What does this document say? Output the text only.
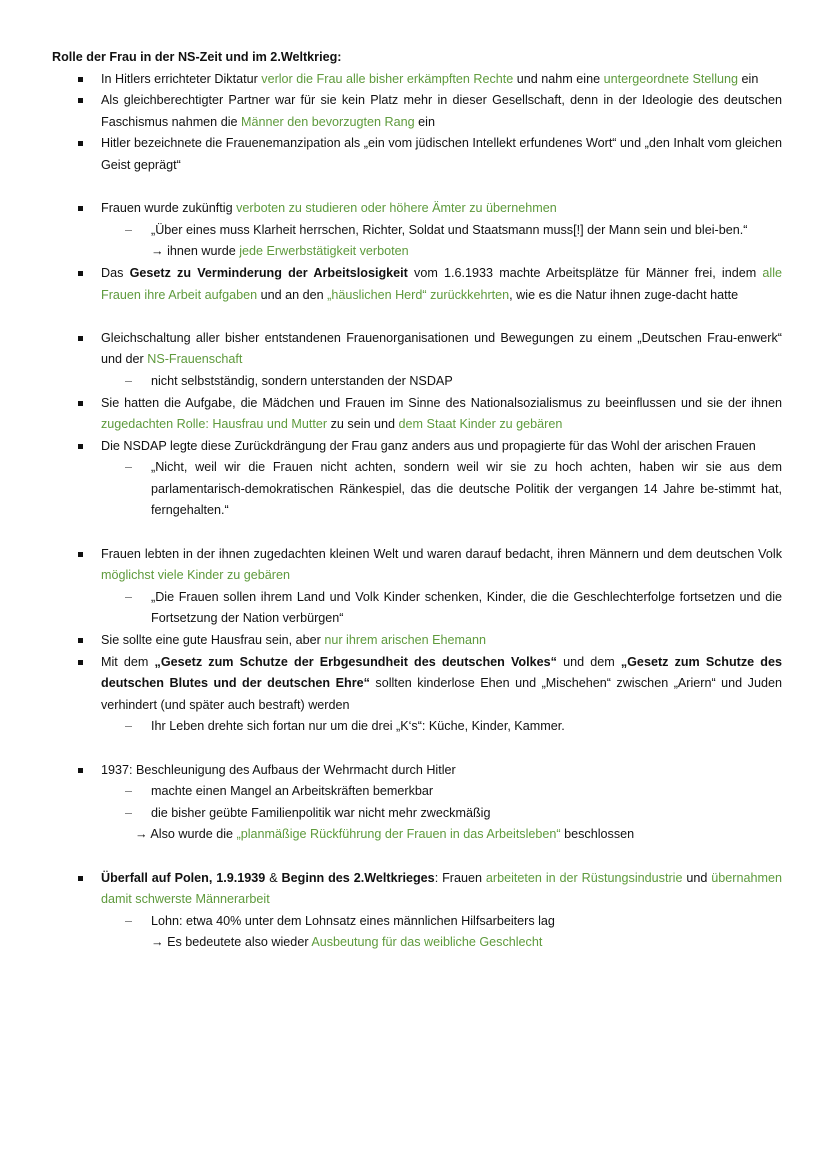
Rolle der Frau in der NS-Zeit und im 2.Weltkrieg:
In Hitlers errichteter Diktatur verlor die Frau alle bisher erkämpften Rechte und nahm eine untergeordnete Stellung ein
Als gleichberechtigter Partner war für sie kein Platz mehr in dieser Gesellschaft, denn in der Ideologie des deutschen Faschismus nahmen die Männer den bevorzugten Rang ein
Hitler bezeichnete die Frauenemanzipation als „ein vom jüdischen Intellekt erfundenes Wort“ und „den Inhalt vom gleichen Geist geprägt“
Frauen wurde zukünftig verboten zu studieren oder höhere Ämter zu übernehmen
– „Über eines muss Klarheit herrschen, Richter, Soldat und Staatsmann muss[!] der Mann sein und blei-ben.“
→ ihnen wurde jede Erwerbstätigkeit verboten
Das Gesetz zu Verminderung der Arbeitslosigkeit vom 1.6.1933 machte Arbeitsplätze für Männer frei, indem alle Frauen ihre Arbeit aufgaben und an den „häuslichen Herd“ zurückkehrten, wie es die Natur ihnen zuge-dacht hatte
Gleichschaltung aller bisher entstandenen Frauenorganisationen und Bewegungen zu einem „Deutschen Frau-enwerk“ und der NS-Frauenschaft
– nicht selbstständig, sondern unterstanden der NSDAP
Sie hatten die Aufgabe, die Mädchen und Frauen im Sinne des Nationalsozialismus zu beeinflussen und sie der ihnen zugedachten Rolle: Hausfrau und Mutter zu sein und dem Staat Kinder zu gebären
Die NSDAP legte diese Zurückdrängung der Frau ganz anders aus und propagierte für das Wohl der arischen Frauen
– „Nicht, weil wir die Frauen nicht achten, sondern weil wir sie zu hoch achten, haben wir sie aus dem parlamentarisch-demokratischen Ränkespiel, das die deutsche Politik der vergangen 14 Jahre be-stimmt hat, ferngehalten.“
Frauen lebten in der ihnen zugedachten kleinen Welt und waren darauf bedacht, ihren Männern und dem deutschen Volk möglichst viele Kinder zu gebären
– „Die Frauen sollen ihrem Land und Volk Kinder schenken, Kinder, die die Geschlechterfolge fortsetzen und die Fortsetzung der Nation verbürgen“
Sie sollte eine gute Hausfrau sein, aber nur ihrem arischen Ehemann
Mit dem „Gesetz zum Schutze der Erbgesundheit des deutschen Volkes“ und dem „Gesetz zum Schutze des deutschen Blutes und der deutschen Ehre“ sollten kinderlose Ehen und „Mischehen“ zwischen „Ariern“ und Juden verhindert (und später auch bestraft) werden
– Ihr Leben drehte sich fortan nur um die drei „K‘s“: Küche, Kinder, Kammer.
1937: Beschleunigung des Aufbaus der Wehrmacht durch Hitler
– machte einen Mangel an Arbeitskräften bemerkbar
– die bisher geübte Familienpolitik war nicht mehr zweckmäßig
→ Also wurde die „planmäßige Rückführung der Frauen in das Arbeitsleben“ beschlossen
Überfall auf Polen, 1.9.1939 & Beginn des 2.Weltkrieges: Frauen arbeiteten in der Rüstungsindustrie und übernahmen damit schwerste Männerarbeit
– Lohn: etwa 40% unter dem Lohnsatz eines männlichen Hilfsarbeiters lag
→ Es bedeutete also wieder Ausbeutung für das weibliche Geschlecht
